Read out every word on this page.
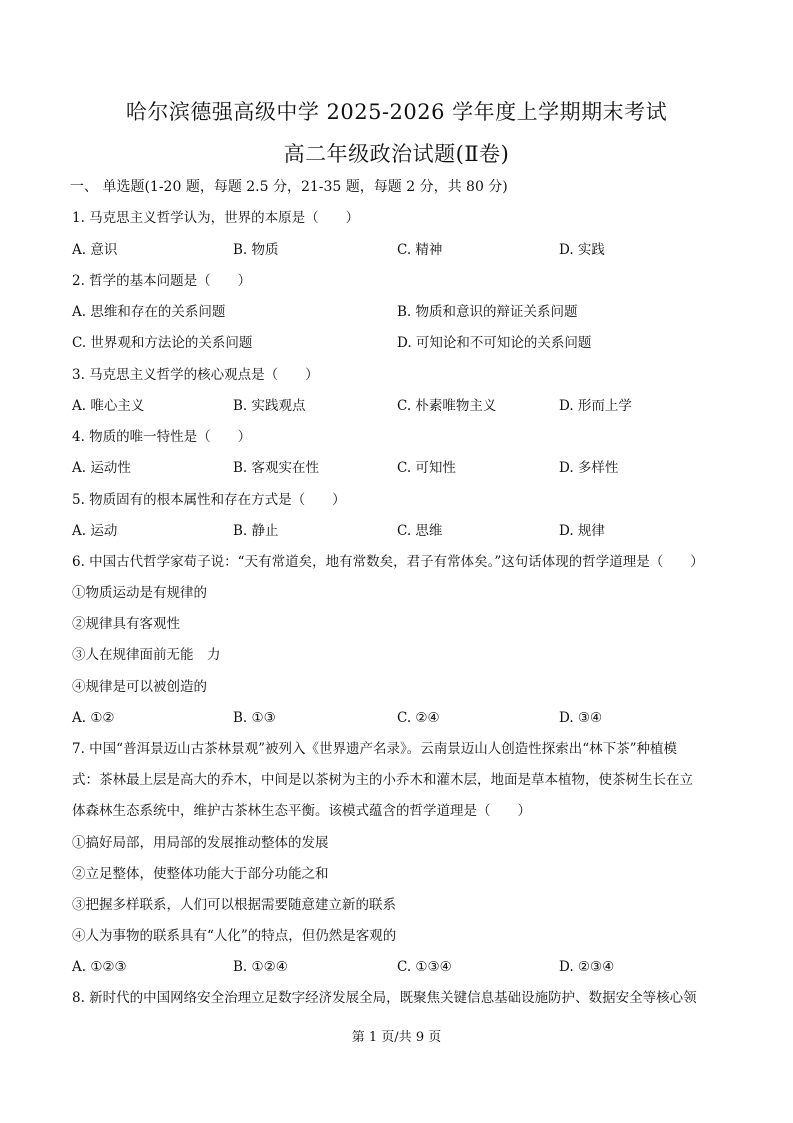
哈尔滨德强高级中学 2025-2026 学年度上学期期末考试
高二年级政治试题(Ⅱ卷)
一、 单选题(1-20 题，每题 2.5 分，21-35 题，每题 2 分，共 80 分)
1. 马克思主义哲学认为，世界的本原是（　　）
A. 意识	B. 物质	C. 精神	D. 实践
2. 哲学的基本问题是（　　）
A. 思维和存在的关系问题	B. 物质和意识的辩证关系问题
C. 世界观和方法论的关系问题	D. 可知论和不可知论的关系问题
3. 马克思主义哲学的核心观点是（　　）
A. 唯心主义	B. 实践观点	C. 朴素唯物主义	D. 形而上学
4. 物质的唯一特性是（　　）
A. 运动性	B. 客观实在性	C. 可知性	D. 多样性
5. 物质固有的根本属性和存在方式是（　　）
A. 运动	B. 静止	C. 思维	D. 规律
6. 中国古代哲学家荀子说：“天有常道矣，地有常数矣，君子有常体矣。”这句话体现的哲学道理是（　　）
①物质运动是有规律的
②规律具有客观性
③人在规律面前无能　力
④规律是可以被创造的
A. ①②	B. ①③	C. ②④	D. ③④
7. 中国“普洱景迈山古茶林景观”被列入《世界遗产名录》。云南景迈山人创造性探索出“林下茶”种植模
式：茶林最上层是高大的乔木，中间是以茶树为主的小乔木和灌木层，地面是草本植物，使茶树生长在立
体森林生态系统中，维护古茶林生态平衡。该模式蕴含的哲学道理是（　　）
①搞好局部，用局部的发展推动整体的发展
②立足整体，使整体功能大于部分功能之和
③把握多样联系，人们可以根据需要随意建立新的联系
④人为事物的联系具有“人化”的特点，但仍然是客观的
A. ①②③	B. ①②④	C. ①③④	D. ②③④
8. 新时代的中国网络安全治理立足数字经济发展全局，既聚焦关键信息基础设施防护、数据安全等核心领
第 1 页/共 9 页
